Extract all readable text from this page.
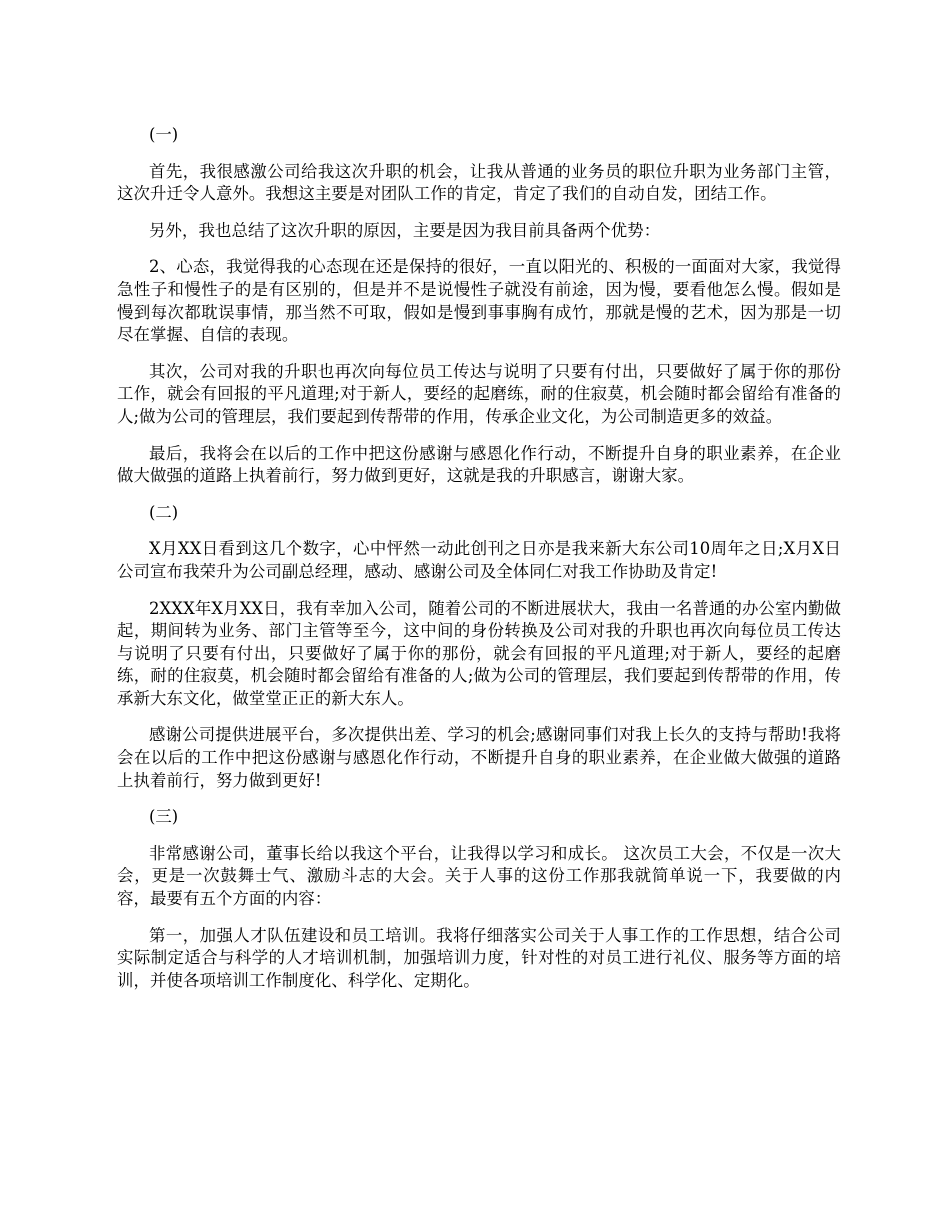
(一)

首先，我很感激公司给我这次升职的机会，让我从普通的业务员的职位升职为业务部门主管，这次升迁令人意外。我想这主要是对团队工作的肯定，肯定了我们的自动自发，团结工作。

另外，我也总结了这次升职的原因，主要是因为我目前具备两个优势：

2、心态，我觉得我的心态现在还是保持的很好，一直以阳光的、积极的一面面对大家，我觉得急性子和慢性子的是有区别的，但是并不是说慢性子就没有前途，因为慢，要看他怎么慢。假如是慢到每次都耽误事情，那当然不可取，假如是慢到事事胸有成竹，那就是慢的艺术，因为那是一切尽在掌握、自信的表现。

其次，公司对我的升职也再次向每位员工传达与说明了只要有付出，只要做好了属于你的那份工作，就会有回报的平凡道理;对于新人，要经的起磨练，耐的住寂莫，机会随时都会留给有准备的人;做为公司的管理层，我们要起到传帮带的作用，传承企业文化，为公司制造更多的效益。

最后，我将会在以后的工作中把这份感谢与感恩化作行动，不断提升自身的职业素养，在企业做大做强的道路上执着前行，努力做到更好，这就是我的升职感言，谢谢大家。

(二)

X月XX日看到这几个数字，心中怦然一动此创刊之日亦是我来新大东公司10周年之日;X月X日公司宣布我荣升为公司副总经理，感动、感谢公司及全体同仁对我工作协助及肯定!

2XXX年X月XX日，我有幸加入公司，随着公司的不断进展状大，我由一名普通的办公室内勤做起，期间转为业务、部门主管等至今，这中间的身份转换及公司对我的升职也再次向每位员工传达与说明了只要有付出，只要做好了属于你的那份，就会有回报的平凡道理;对于新人，要经的起磨练，耐的住寂莫，机会随时都会留给有准备的人;做为公司的管理层，我们要起到传帮带的作用，传承新大东文化，做堂堂正正的新大东人。

感谢公司提供进展平台，多次提供出差、学习的机会;感谢同事们对我上长久的支持与帮助!我将会在以后的工作中把这份感谢与感恩化作行动，不断提升自身的职业素养，在企业做大做强的道路上执着前行，努力做到更好!

(三)

非常感谢公司，董事长给以我这个平台，让我得以学习和成长。 这次员工大会，不仅是一次大会，更是一次鼓舞士气、激励斗志的大会。关于人事的这份工作那我就简单说一下，我要做的内容，最要有五个方面的内容：

第一，加强人才队伍建设和员工培训。我将仔细落实公司关于人事工作的工作思想，结合公司实际制定适合与科学的人才培训机制，加强培训力度，针对性的对员工进行礼仪、服务等方面的培训，并使各项培训工作制度化、科学化、定期化。
